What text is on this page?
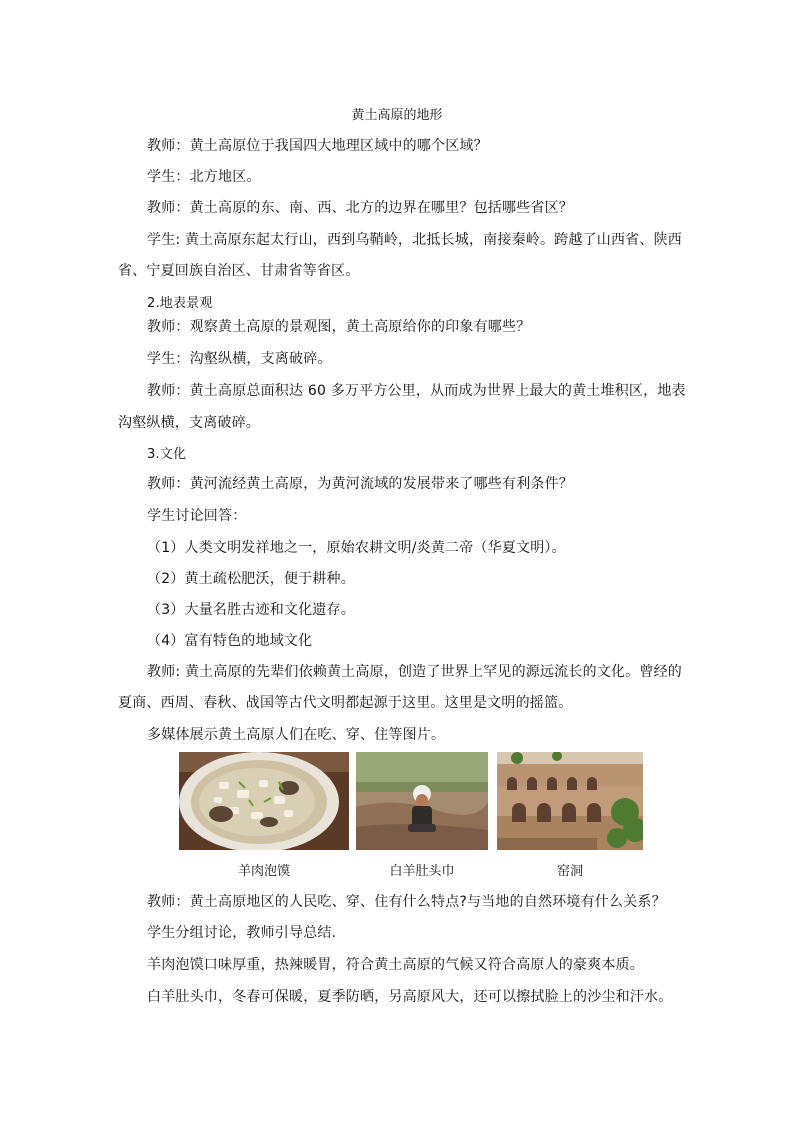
黄土高原的地形
教师：黄土高原位于我国四大地理区域中的哪个区域？
学生：北方地区。
教师：黄土高原的东、南、西、北方的边界在哪里？包括哪些省区？
学生: 黄土高原东起太行山，西到乌鞘岭，北抵长城，南接秦岭。跨越了山西省、陕西
省、宁夏回族自治区、甘肃省等省区。
2.地表景观
教师：观察黄土高原的景观图，黄土高原给你的印象有哪些？
学生：沟壑纵横，支离破碎。
教师：黄土高原总面积达 60 多万平方公里，从而成为世界上最大的黄土堆积区，地表
沟壑纵横，支离破碎。
3.文化
教师：黄河流经黄土高原，为黄河流域的发展带来了哪些有利条件？
学生讨论回答：
（1）人类文明发祥地之一，原始农耕文明/炎黄二帝（华夏文明）。
（2）黄土疏松肥沃，便于耕种。
（3）大量名胜古迹和文化遗存。
（4）富有特色的地域文化
教师: 黄土高原的先辈们依赖黄土高原，创造了世界上罕见的源远流长的文化。曾经的
夏商、西周、春秋、战国等古代文明都起源于这里。这里是文明的摇篮。
多媒体展示黄土高原人们在吃、穿、住等图片。
羊肉泡馍	白羊肚头巾	窑洞
教师：黄土高原地区的人民吃、穿、住有什么特点?与当地的自然环境有什么关系？
学生分组讨论，教师引导总结.
羊肉泡馍口味厚重，热辣暖胃，符合黄土高原的气候又符合高原人的豪爽本质。
白羊肚头巾，冬春可保暖，夏季防晒，另高原风大，还可以擦拭脸上的沙尘和汗水。
